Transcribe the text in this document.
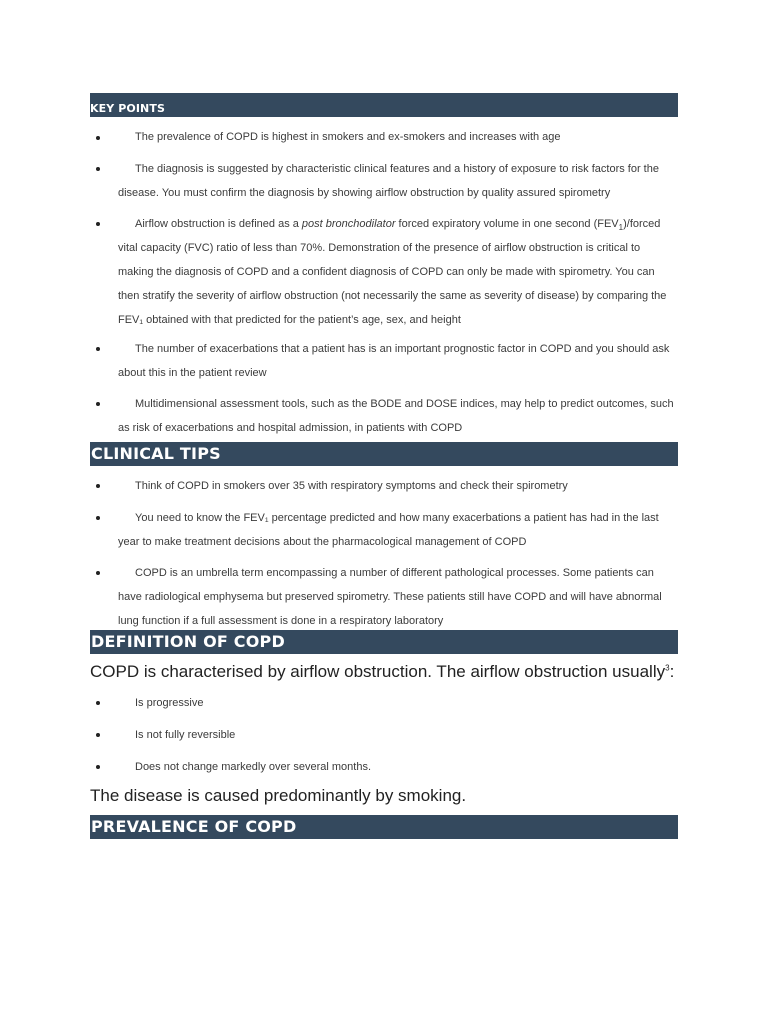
KEY POINTS
The prevalence of COPD is highest in smokers and ex-smokers and increases with age
The diagnosis is suggested by characteristic clinical features and a history of exposure to risk factors for the disease. You must confirm the diagnosis by showing airflow obstruction by quality assured spirometry
Airflow obstruction is defined as a post bronchodilator forced expiratory volume in one second $(FEV_1)$/forced vital capacity (FVC) ratio of less than 70%. Demonstration of the presence of airflow obstruction is critical to making the diagnosis of COPD and a confident diagnosis of COPD can only be made with spirometry. You can then stratify the severity of airflow obstruction (not necessarily the same as severity of disease) by comparing the FEV₁ obtained with that predicted for the patient’s age, sex, and height
The number of exacerbations that a patient has is an important prognostic factor in COPD and you should ask about this in the patient review
Multidimensional assessment tools, such as the BODE and DOSE indices, may help to predict outcomes, such as risk of exacerbations and hospital admission, in patients with COPD
CLINICAL TIPS
Think of COPD in smokers over 35 with respiratory symptoms and check their spirometry
You need to know the FEV₁ percentage predicted and how many exacerbations a patient has had in the last year to make treatment decisions about the pharmacological management of COPD
COPD is an umbrella term encompassing a number of different pathological processes. Some patients can have radiological emphysema but preserved spirometry. These patients still have COPD and will have abnormal lung function if a full assessment is done in a respiratory laboratory
DEFINITION OF COPD

COPD is characterised by airflow obstruction. The airflow obstruction usually$^3$:

Is progressive
Is not fully reversible
Does not change markedly over several months.

The disease is caused predominantly by smoking.

PREVALENCE OF COPD
